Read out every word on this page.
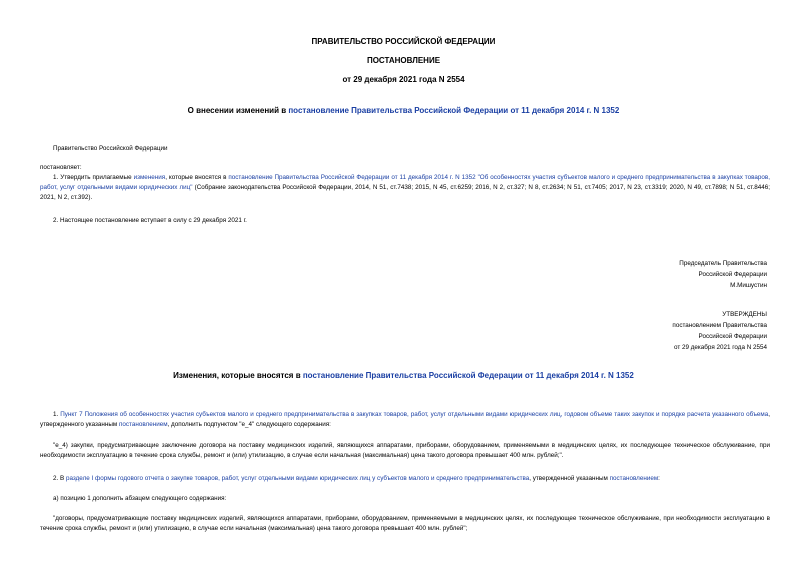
ПРАВИТЕЛЬСТВО РОССИЙСКОЙ ФЕДЕРАЦИИ
ПОСТАНОВЛЕНИЕ
от 29 декабря 2021 года N 2554
О внесении изменений в постановление Правительства Российской Федерации от 11 декабря 2014 г. N 1352
Правительство Российской Федерации
постановляет:
1. Утвердить прилагаемые изменения, которые вносятся в постановление Правительства Российской Федерации от 11 декабря 2014 г. N 1352 "Об особенностях участия субъектов малого и среднего предпринимательства в закупках товаров, работ, услуг отдельными видами юридических лиц" (Собрание законодательства Российской Федерации, 2014, N 51, ст.7438; 2015, N 45, ст.6259; 2016, N 2, ст.327; N 8, ст.2634; N 51, ст.7405; 2017, N 23, ст.3319; 2020, N 49, ст.7898; N 51, ст.8446; 2021, N 2, ст.392).
2. Настоящее постановление вступает в силу с 29 декабря 2021 г.
Председатель Правительства
Российской Федерации
М.Мишустин
УТВЕРЖДЕНЫ
постановлением Правительства
Российской Федерации
от 29 декабря 2021 года N 2554
Изменения, которые вносятся в постановление Правительства Российской Федерации от 11 декабря 2014 г. N 1352
1. Пункт 7 Положения об особенностях участия субъектов малого и среднего предпринимательства в закупках товаров, работ, услуг отдельными видами юридических лиц, годовом объеме таких закупок и порядке расчета указанного объема, утвержденного указанным постановлением, дополнить подпунктом "е_4" следующего содержания:
"е_4) закупки, предусматривающие заключение договора на поставку медицинских изделий, являющихся аппаратами, приборами, оборудованием, применяемыми в медицинских целях, их последующее техническое обслуживание, при необходимости эксплуатацию в течение срока службы, ремонт и (или) утилизацию, в случае если начальная (максимальная) цена такого договора превышает 400 млн. рублей;".
2. В разделе I формы годового отчета о закупке товаров, работ, услуг отдельными видами юридических лиц у субъектов малого и среднего предпринимательства, утвержденной указанным постановлением:
а) позицию 1 дополнить абзацем следующего содержания:
"договоры, предусматривающие поставку медицинских изделий, являющихся аппаратами, приборами, оборудованием, применяемыми в медицинских целях, их последующее техническое обслуживание, при необходимости эксплуатацию в течение срока службы, ремонт и (или) утилизацию, в случае если начальная (максимальная) цена такого договора превышает 400 млн. рублей";
